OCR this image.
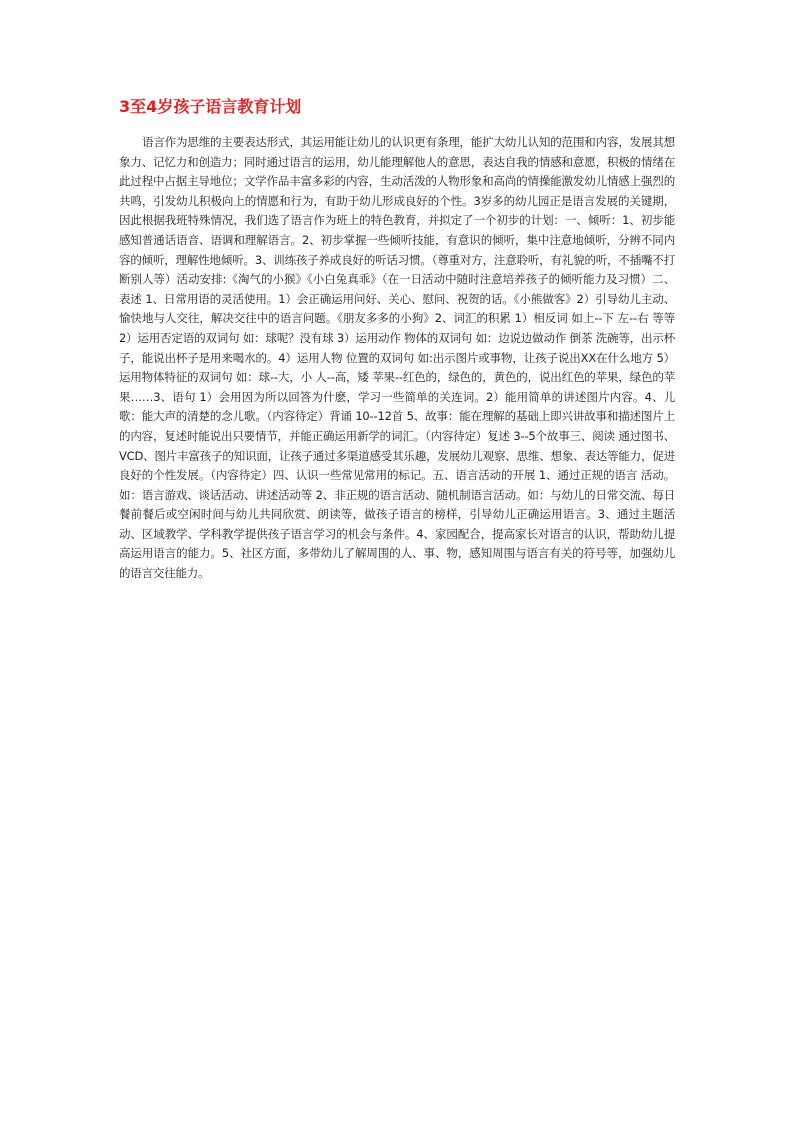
3至4岁孩子语言教育计划

语言作为思维的主要表达形式，其运用能让幼儿的认识更有条理，能扩大幼儿认知的范围和内容，发展其想象力、记忆力和创造力；同时通过语言的运用，幼儿能理解他人的意思，表达自我的情感和意愿，积极的情绪在此过程中占据主导地位；文学作品丰富多彩的内容，生动活泼的人物形象和高尚的情操能激发幼儿情感上强烈的共鸣，引发幼儿积极向上的情愿和行为，有助于幼儿形成良好的个性。3岁多的幼儿园正是语言发展的关键期，因此根据我班特殊情况，我们选了语言作为班上的特色教育，并拟定了一个初步的计划：一、倾听：1、初步能感知普通话语音、语调和理解语言。2、初步掌握一些倾听技能，有意识的倾听，集中注意地倾听，分辨不同内容的倾听，理解性地倾听。3、训练孩子养成良好的听话习惯。（尊重对方，注意聆听，有礼貌的听，不插嘴不打断别人等）活动安排:《淘气的小猴》《小白兔真乖》（在一日活动中随时注意培养孩子的倾听能力及习惯）二、表述 1、日常用语的灵活使用。1）会正确运用问好、关心、慰问、祝贺的话。《小熊做客》2）引导幼儿主动、愉快地与人交往，解决交往中的语言问题。《朋友多多的小狗》2、词汇的积累 1）相反词 如上--下 左--右 等等 2）运用否定语的双词句 如：球呢？没有球 3）运用动作 物体的双词句 如：边说边做动作 倒茶 洗碗等，出示杯子，能说出杯子是用来喝水的。4）运用人物 位置的双词句 如:出示图片或事物，让孩子说出XX在什么地方 5）运用物体特征的双词句 如：球--大，小 人--高，矮 苹果--红色的，绿色的，黄色的，说出红色的苹果，绿色的苹果……3、语句 1）会用因为所以回答为什麽，学习一些简单的关连词。2）能用简单的讲述图片内容。4、儿歌：能大声的清楚的念儿歌。（内容待定）背诵 10--12首 5、故事：能在理解的基础上即兴讲故事和描述图片上的内容，复述时能说出只要情节，并能正确运用新学的词汇。（内容待定）复述 3--5个故事三、阅读 通过图书、VCD、图片丰富孩子的知识面，让孩子通过多渠道感受其乐趣，发展幼儿观察、思维、想象、表达等能力，促进良好的个性发展。（内容待定）四、认识一些常见常用的标记。五、语言活动的开展 1、通过正规的语言 活动。如：语言游戏、谈话活动、讲述活动等 2、非正规的语言活动、随机制语言活动。如：与幼儿的日常交流、每日餐前餐后或空闲时间与幼儿共同欣赏、朗读等，做孩子语言的榜样，引导幼儿正确运用语言。3、通过主题活动、区域教学、学科教学提供孩子语言学习的机会与条件。4、家园配合，提高家长对语言的认识，帮助幼儿提高运用语言的能力。5、社区方面，多带幼儿了解周围的人、事、物，感知周围与语言有关的符号等，加强幼儿的语言交往能力。
